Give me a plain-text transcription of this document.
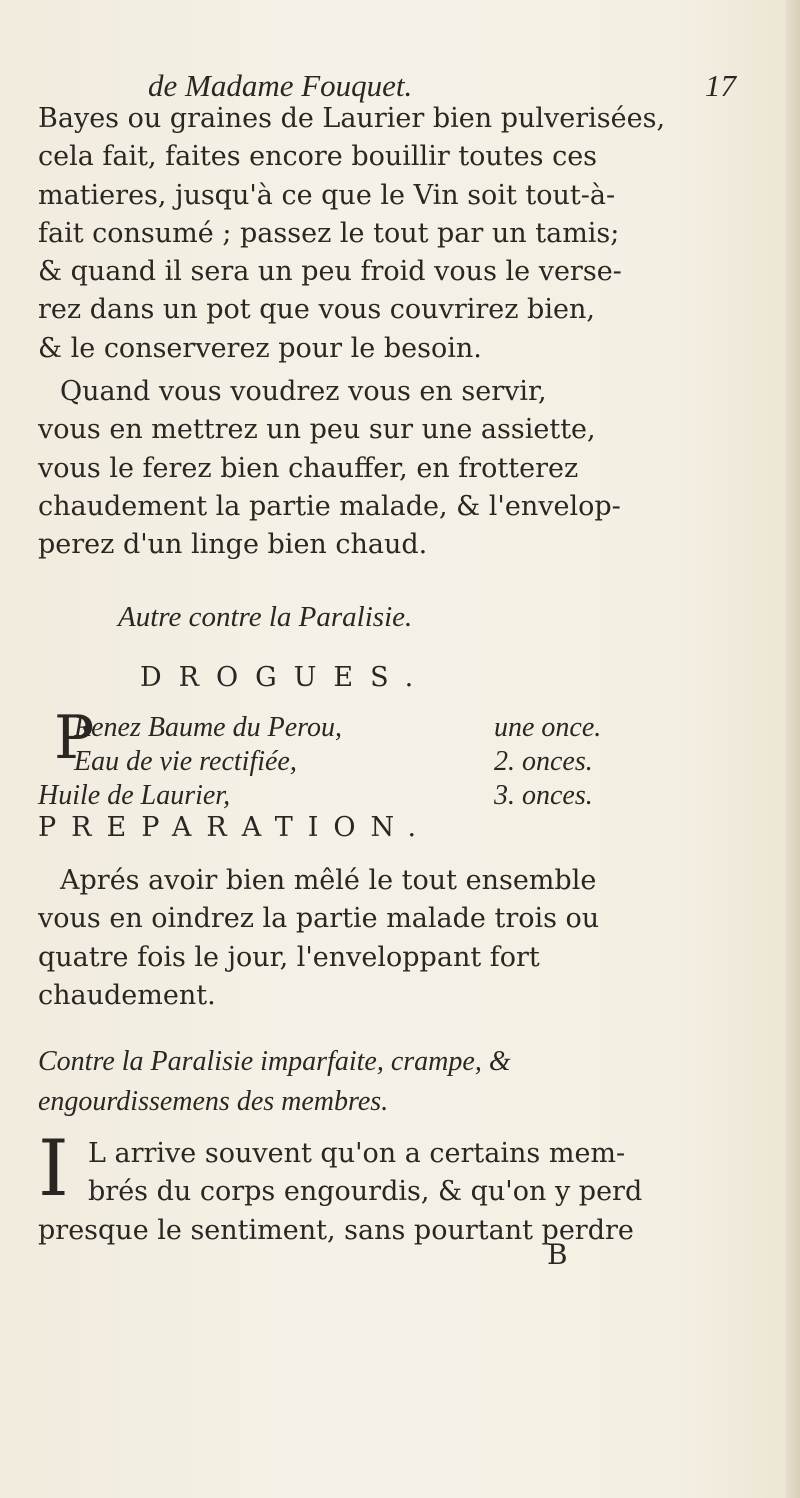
de Madame Fouquet.	17
Bayes ou graines de Laurier bien pulverisées,
cela fait, faites encore bouillir toutes ces
matieres, jusqu'à ce que le Vin soit tout-à-
fait consumé ; passez le tout par un tamis;
& quand il sera un peu froid vous le verse-
rez dans un pot que vous couvrirez bien,
& le conserverez pour le besoin.
Quand vous voudrez vous en servir,
vous en mettrez un peu sur une assiette,
vous le ferez bien chauffer, en frotterez
chaudement la partie malade, & l'envelop-
perez d'un linge bien chaud.
Autre contre la Paralisie.
DROGUES.
P
Renez Baume du Perou,	une once.
Eau de vie rectifiée,	2. onces.
Huile de Laurier,	3. onces.
PREPARATION.
Aprés avoir bien mêlé le tout ensemble
vous en oindrez la partie malade trois ou
quatre fois le jour, l'enveloppant fort
chaudement.
Contre la Paralisie imparfaite, crampe, &
engourdissemens des membres.
I L arrive souvent qu'on a certains mem-
brés du corps engourdis, & qu'on y perd
presque le sentiment, sans pourtant perdre
B
